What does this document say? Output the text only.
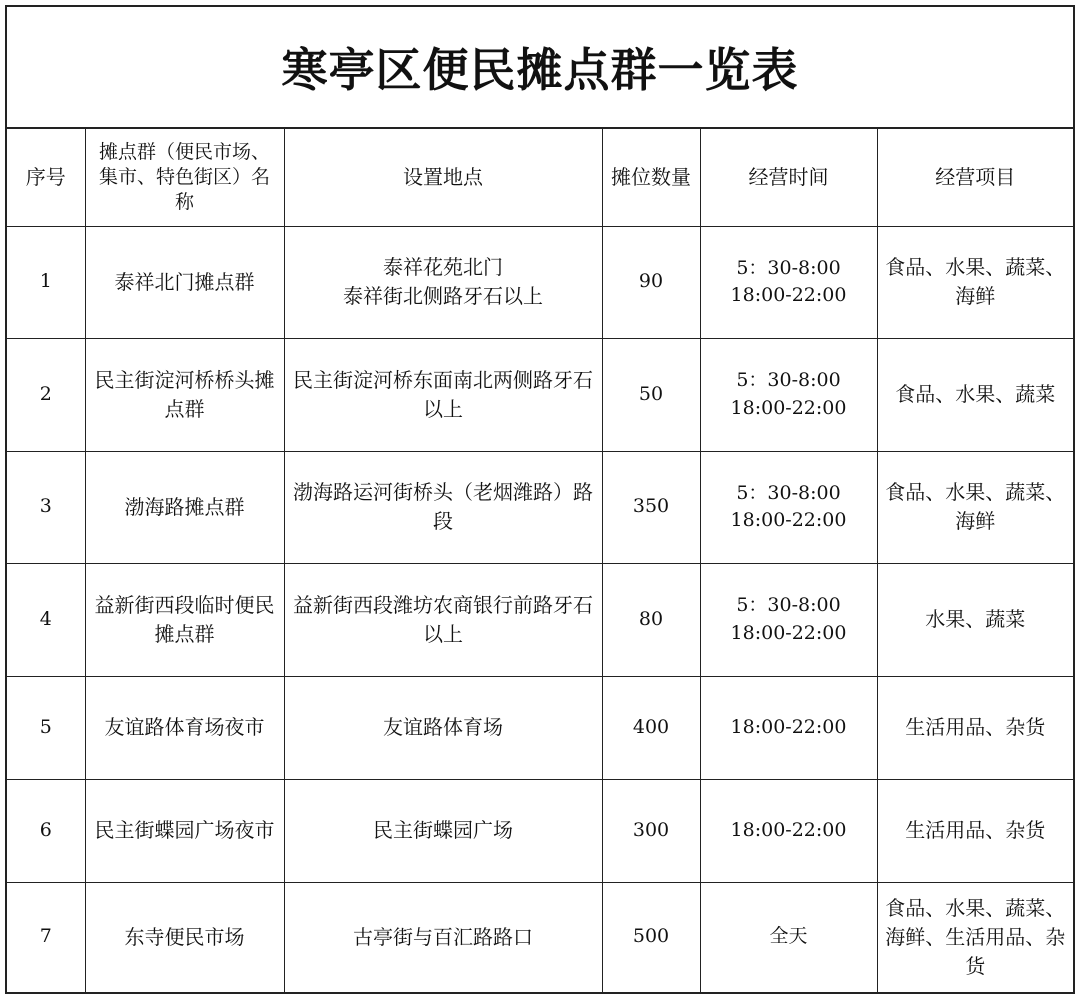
寒亭区便民摊点群一览表
序号	摊点群（便民市场、集市、特色街区）名称	设置地点	摊位数量	经营时间	经营项目
1	泰祥北门摊点群	泰祥花苑北门
泰祥街北侧路牙石以上	90	5：30-8:00
18:00-22:00	食品、水果、蔬菜、海鲜
2	民主街淀河桥桥头摊点群	民主街淀河桥东面南北两侧路牙石以上	50	5：30-8:00
18:00-22:00	食品、水果、蔬菜
3	渤海路摊点群	渤海路运河街桥头（老烟潍路）路段	350	5：30-8:00
18:00-22:00	食品、水果、蔬菜、海鲜
4	益新街西段临时便民摊点群	益新街西段潍坊农商银行前路牙石以上	80	5：30-8:00
18:00-22:00	水果、蔬菜
5	友谊路体育场夜市	友谊路体育场	400	18:00-22:00	生活用品、杂货
6	民主街蝶园广场夜市	民主街蝶园广场	300	18:00-22:00	生活用品、杂货
7	东寺便民市场	古亭街与百汇路路口	500	全天	食品、水果、蔬菜、海鲜、生活用品、杂货
